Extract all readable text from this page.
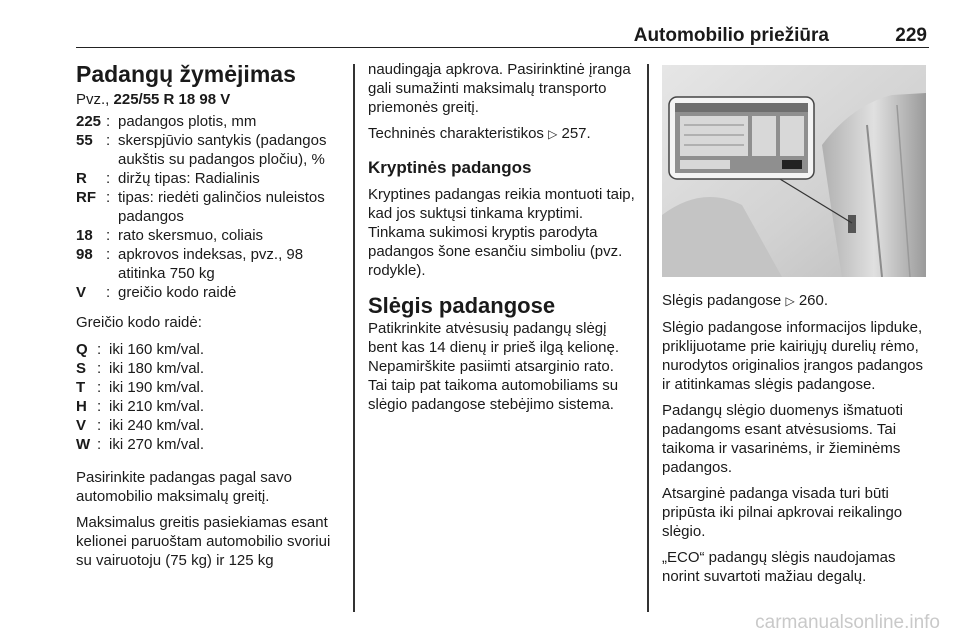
Automobilio priežiūra	229
Padangų žymėjimas
Pvz., 225/55 R 18 98 V
225 : padangos plotis, mm
55 : skerspjūvio santykis (padangos aukštis su padangos pločiu), %
R	: diržų tipas: Radialinis
RF : tipas: riedėti galinčios nuleistos padangos
18 : rato skersmuo, coliais
98 : apkrovos indeksas, pvz., 98 atitinka 750 kg
V	: greičio kodo raidė

Greičio kodo raidė:

Q : iki 160 km/val.
S : iki 180 km/val.
T : iki 190 km/val.
H : iki 210 km/val.
V : iki 240 km/val.
W : iki 270 km/val.

Pasirinkite padangas pagal savo automobilio maksimalų greitį.

Maksimalus greitis pasiekiamas esant kelionei paruoštam automobilio svoriui su vairuotoju (75 kg) ir 125 kg

naudingąja apkrova. Pasirinktinė įranga gali sumažinti maksimalų transporto priemonės greitį.

Techninės charakteristikos ▷ 257.

Kryptinės padangos

Kryptines padangas reikia montuoti taip, kad jos suktųsi tinkama kryptimi. Tinkama sukimosi kryptis parodyta padangos šone esančiu simboliu (pvz. rodykle).

Slėgis padangose

Patikrinkite atvėsusių padangų slėgį bent kas 14 dienų ir prieš ilgą kelionę. Nepamirškite pasiimti atsarginio rato. Tai taip pat taikoma automobiliams su slėgio padangose stebėjimo sistema.

Slėgis padangose ▷ 260.

Slėgio padangose informacijos lipduke, priklijuotame prie kairiųjų durelių rėmo, nurodytos originalios įrangos padangos ir atitinkamas slėgis padangose.

Padangų slėgio duomenys išmatuoti padangoms esant atvėsusioms. Tai taikoma ir vasarinėms, ir žieminėms padangos.

Atsarginė padanga visada turi būti pripūsta iki pilnai apkrovai reikalingo slėgio.

„ECO“ padangų slėgis naudojamas norint suvartoti mažiau degalų.

carmanualsonline.info
